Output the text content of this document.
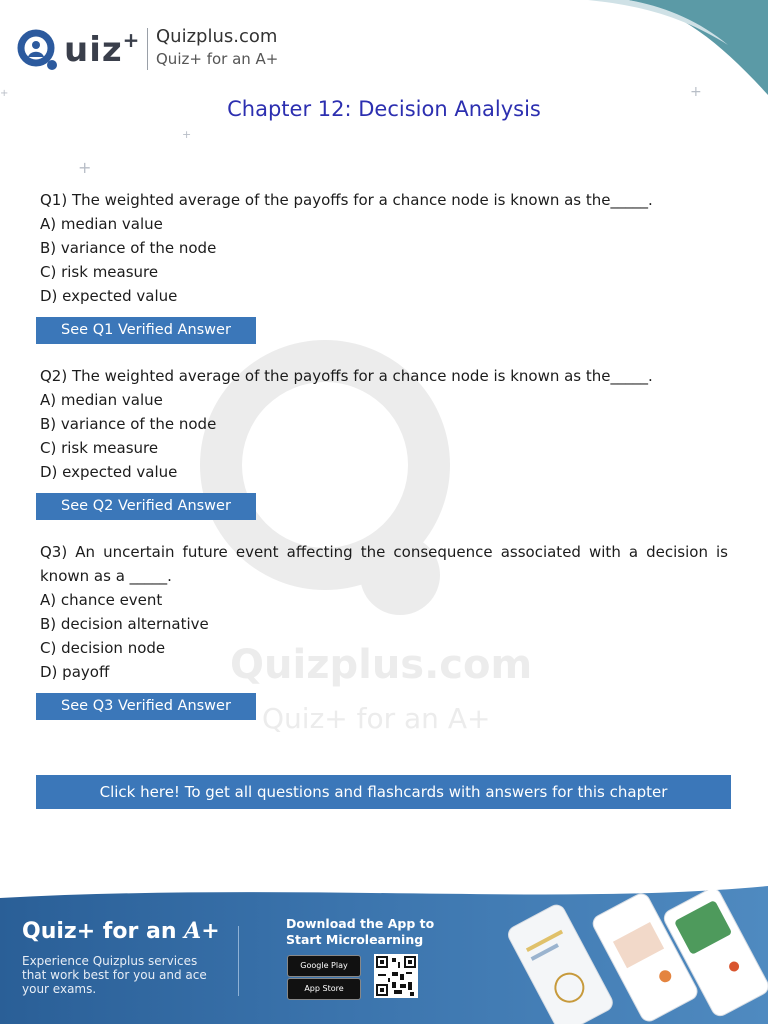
Quizplus.com
Quiz+ for an A+
uiz + Quizplus.com
Quiz+ for an A+
+
+
+
+
Chapter 12: Decision Analysis
Q1) The weighted average of the payoffs for a chance node is known as the_____.
A) median value
B) variance of the node
C) risk measure
D) expected value
See Q1 Verified Answer
Q2) The weighted average of the payoffs for a chance node is known as the_____.
A) median value
B) variance of the node
C) risk measure
D) expected value
See Q2 Verified Answer
Q3) An uncertain future event affecting the consequence associated with a decision is known as a _____.
A) chance event
B) decision alternative
C) decision node
D) payoff
See Q3 Verified Answer
Click here! To get all questions and flashcards with answers for this chapter
Quiz+ for an A+
Experience Quizplus services that work best for you and ace your exams.
Download the App to Start Microlearning
Google Play
App Store
